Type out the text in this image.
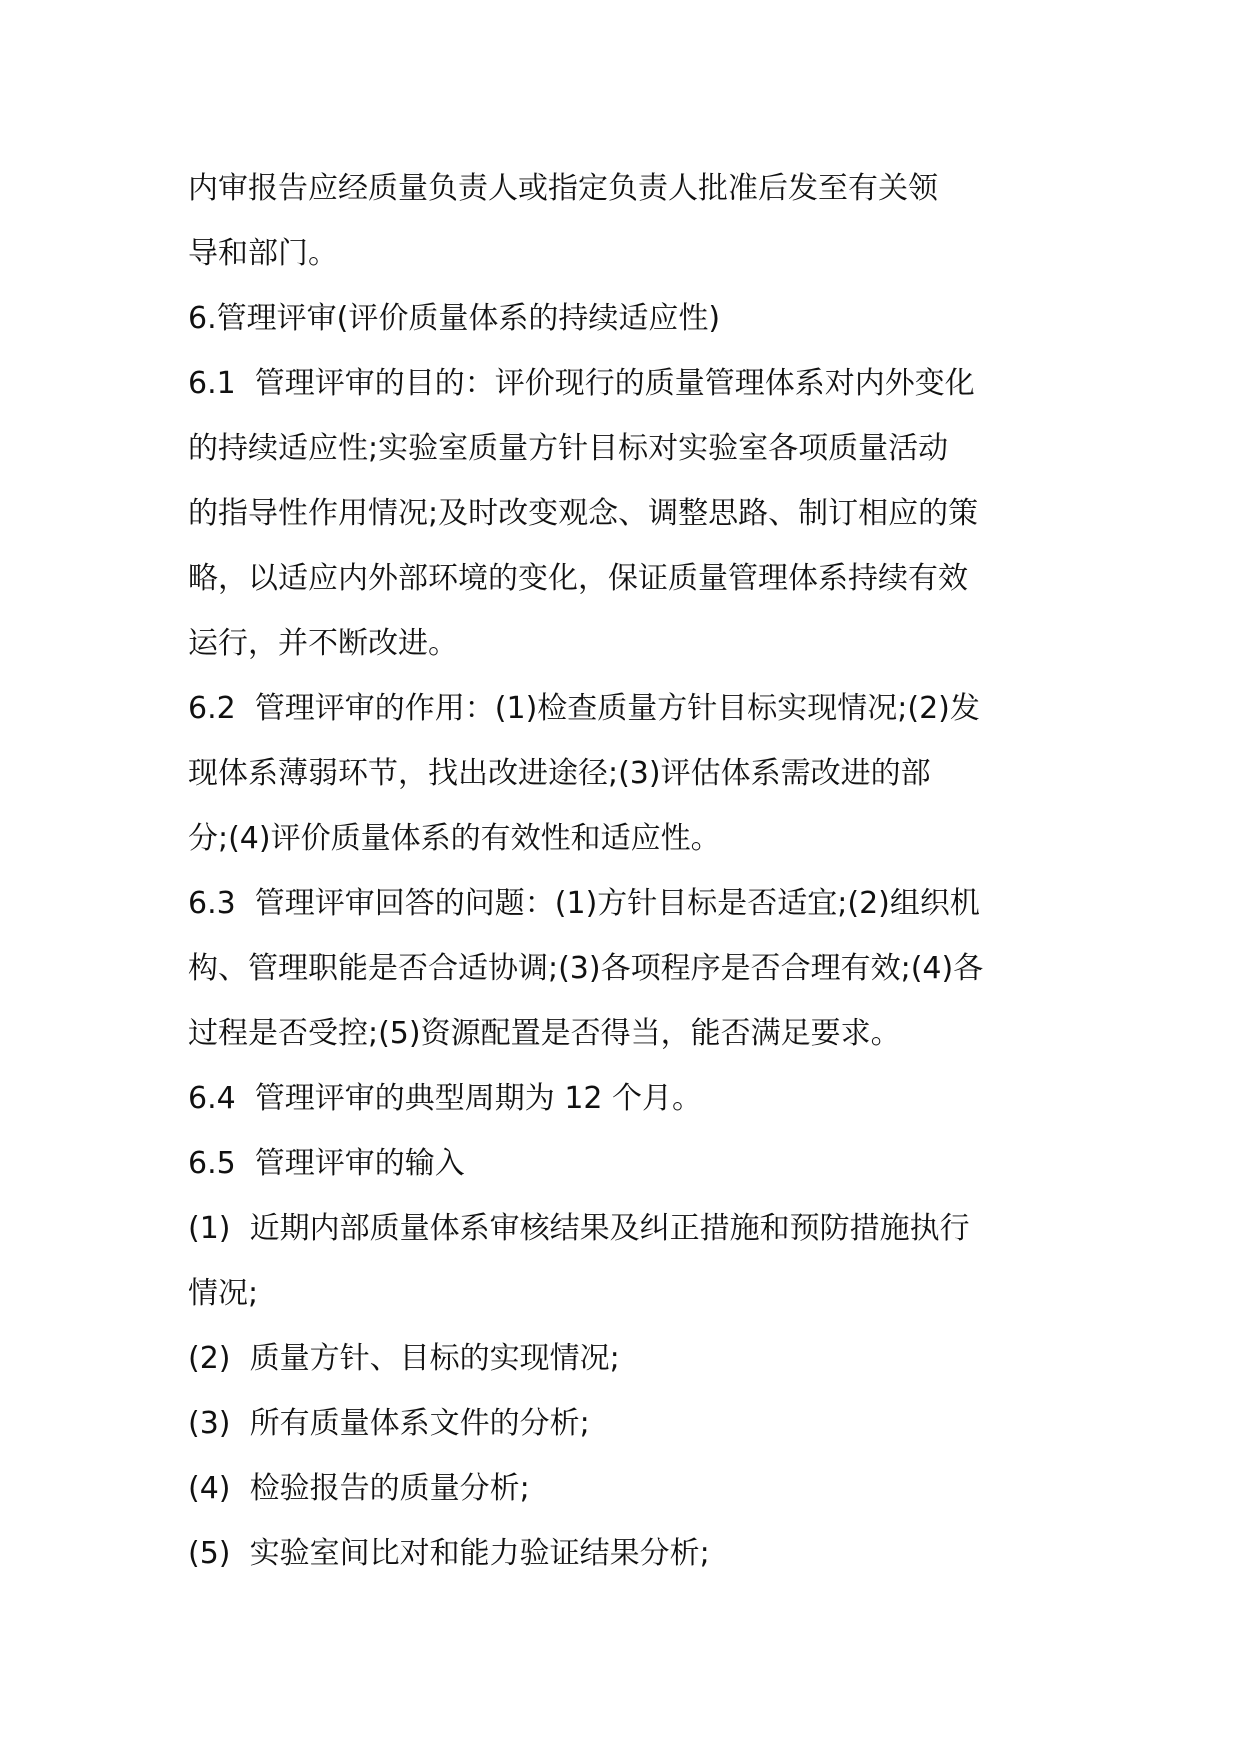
内审报告应经质量负责人或指定负责人批准后发至有关领
导和部门。
6.管理评审(评价质量体系的持续适应性)
6.1  管理评审的目的：评价现行的质量管理体系对内外变化
的持续适应性;实验室质量方针目标对实验室各项质量活动
的指导性作用情况;及时改变观念、调整思路、制订相应的策
略，以适应内外部环境的变化，保证质量管理体系持续有效
运行，并不断改进。
6.2  管理评审的作用：(1)检查质量方针目标实现情况;(2)发
现体系薄弱环节，找出改进途径;(3)评估体系需改进的部
分;(4)评价质量体系的有效性和适应性。
6.3  管理评审回答的问题：(1)方针目标是否适宜;(2)组织机
构、管理职能是否合适协调;(3)各项程序是否合理有效;(4)各
过程是否受控;(5)资源配置是否得当，能否满足要求。
6.4  管理评审的典型周期为 12 个月。
6.5  管理评审的输入
(1)  近期内部质量体系审核结果及纠正措施和预防措施执行
情况;
(2)  质量方针、目标的实现情况;
(3)  所有质量体系文件的分析;
(4)  检验报告的质量分析;
(5)  实验室间比对和能力验证结果分析;
